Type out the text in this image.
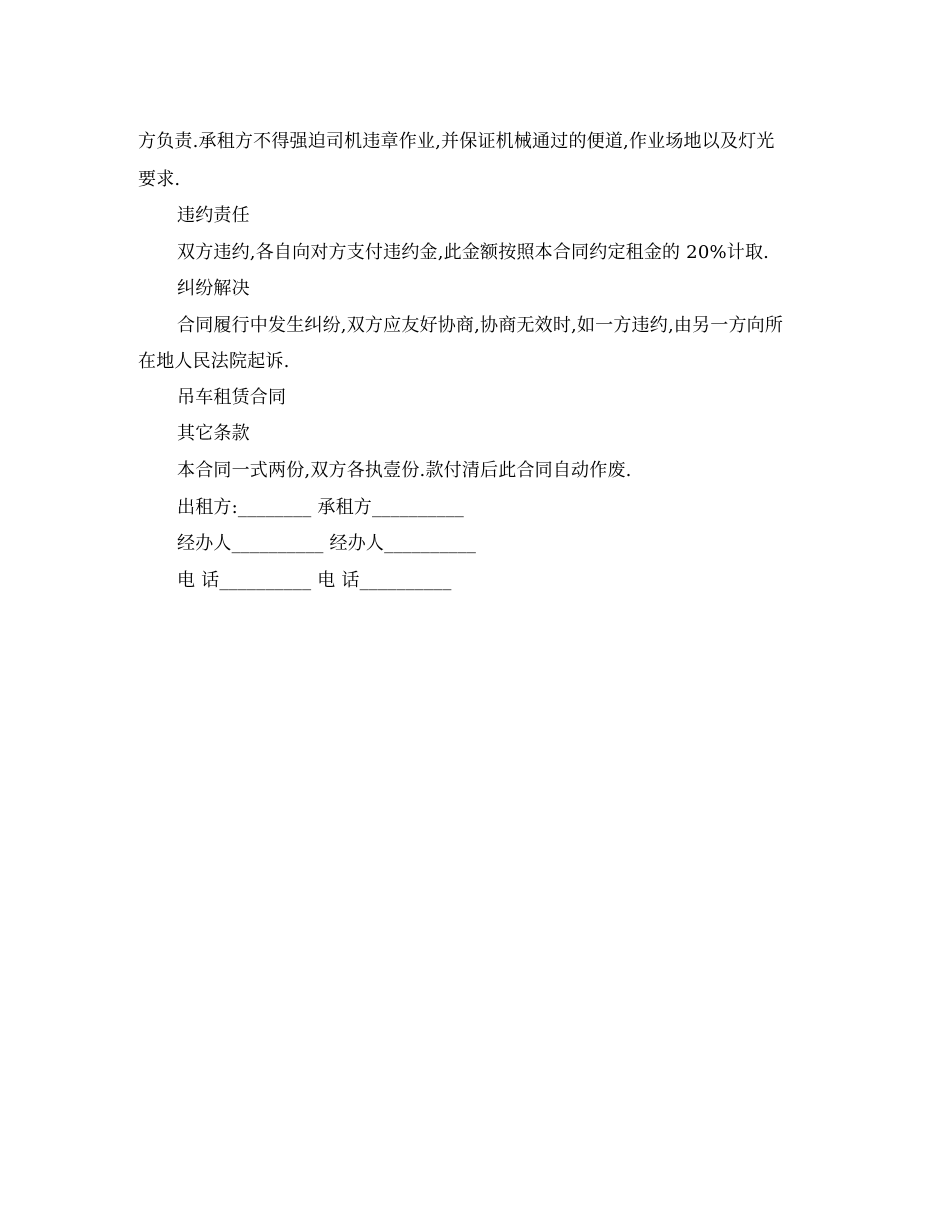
方负责.承租方不得强迫司机违章作业,并保证机械通过的便道,作业场地以及灯光
要求.
违约责任
双方违约,各自向对方支付违约金,此金额按照本合同约定租金的 20%计取.
纠纷解决
合同履行中发生纠纷,双方应友好协商,协商无效时,如一方违约,由另一方向所
在地人民法院起诉.
吊车租赁合同
其它条款
本合同一式两份,双方各执壹份.款付清后此合同自动作废.
出租方:________ 承租方__________
经办人__________ 经办人__________
电 话__________ 电 话__________
